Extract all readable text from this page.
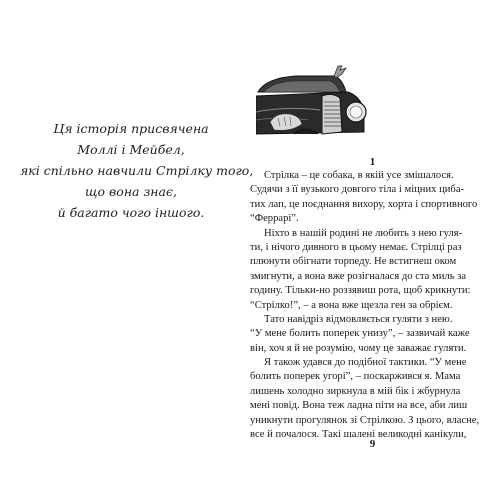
Ця історія присвячена
Моллі і Мейбел,
які спільно навчили Стрілку того,
що вона знає,
й багато чого іншого.
1
Стрілка – це собака, в якій усе змішалося.
Судячи з її вузького довгого тіла і міцних циба-
тих лап, це поєднання вихору, хорта і спортивного
“Феррарі”.
Ніхто в нашій родині не любить з нею гуля-
ти, і нічого дивного в цьому немає. Стрілці раз
плюнути обігнати торпеду. Не встигнеш оком
змигнути, а вона вже розігналася до ста миль за
годину. Тільки-но роззявиш рота, щоб крикнути:
“Стрілко!”, – а вона вже щезла ген за обрієм.
Тато навідріз відмовляється гуляти з нею.
“У мене болить поперек унизу”, – зазвичай каже
він, хоч я й не розумію, чому це заважає гуляти.
Я також удався до подібної тактики. “У мене
болить поперек угорі”, – поскаржився я. Мама
лишень холодно зиркнула в мій бік і жбурнула
мені повід. Вона теж ладна піти на все, аби лиш
уникнути прогулянок зі Стрілкою. З цього, власне,
все й почалося. Такі шалені великодні канікули,
9
